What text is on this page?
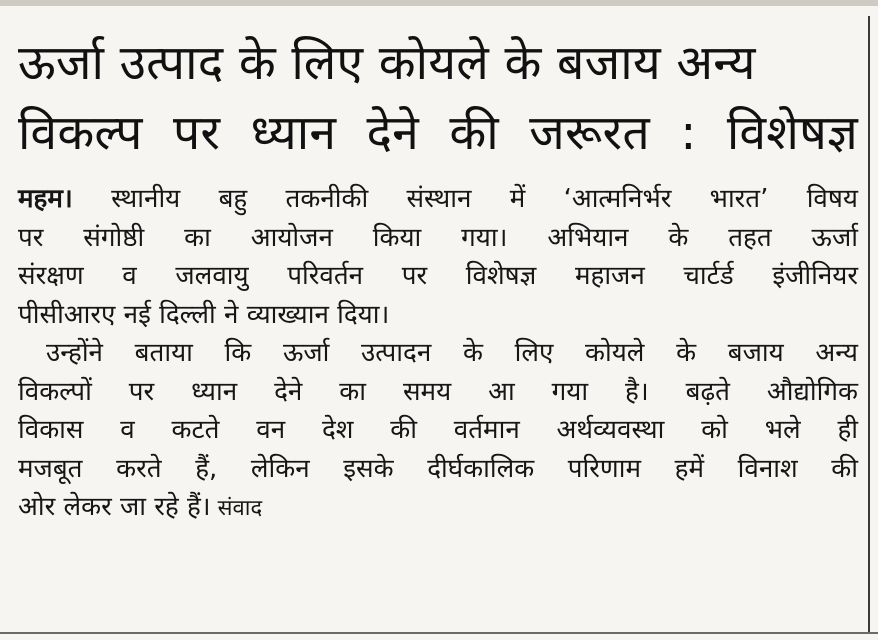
ऊर्जा उत्पाद के लिए कोयले के बजाय अन्य
विकल्प पर ध्यान देने की जरूरत : विशेषज्ञ

महम। स्थानीय बहु तकनीकी संस्थान में ‘आत्मनिर्भर भारत’ विषय
पर संगोष्ठी का आयोजन किया गया। अभियान के तहत ऊर्जा
संरक्षण व जलवायु परिवर्तन पर विशेषज्ञ महाजन चार्टर्ड इंजीनियर
पीसीआरए नई दिल्ली ने व्याख्यान दिया।

उन्होंने बताया कि ऊर्जा उत्पादन के लिए कोयले के बजाय अन्य
विकल्पों पर ध्यान देने का समय आ गया है। बढ़ते औद्योगिक
विकास व कटते वन देश की वर्तमान अर्थव्यवस्था को भले ही
मजबूत करते हैं, लेकिन इसके दीर्घकालिक परिणाम हमें विनाश की
ओर लेकर जा रहे हैं। संवाद
